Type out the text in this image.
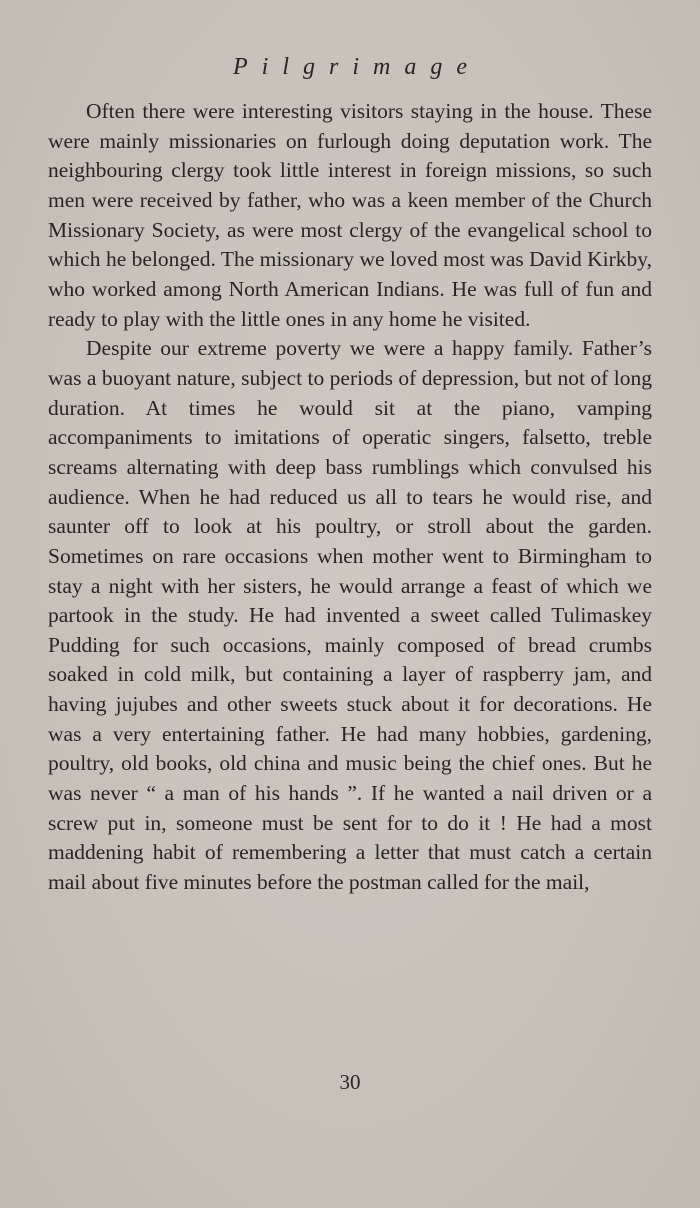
Pilgrimage

Often there were interesting visitors staying in the house. These were mainly missionaries on furlough doing deputation work. The neighbouring clergy took little interest in foreign missions, so such men were received by father, who was a keen member of the Church Missionary Society, as were most clergy of the evangelical school to which he belonged. The missionary we loved most was David Kirkby, who worked among North American Indians. He was full of fun and ready to play with the little ones in any home he visited.

Despite our extreme poverty we were a happy family. Father’s was a buoyant nature, subject to periods of depression, but not of long duration. At times he would sit at the piano, vamping accompaniments to imitations of operatic singers, falsetto, treble screams alternating with deep bass rumblings which convulsed his audience. When he had reduced us all to tears he would rise, and saunter off to look at his poultry, or stroll about the garden. Sometimes on rare occasions when mother went to Birmingham to stay a night with her sisters, he would arrange a feast of which we partook in the study. He had invented a sweet called Tulimaskey Pudding for such occasions, mainly composed of bread crumbs soaked in cold milk, but containing a layer of raspberry jam, and having jujubes and other sweets stuck about it for decorations. He was a very entertaining father. He had many hobbies, gardening, poultry, old books, old china and music being the chief ones. But he was never “ a man of his hands ”. If he wanted a nail driven or a screw put in, someone must be sent for to do it ! He had a most maddening habit of remembering a letter that must catch a certain mail about five minutes before the postman called for the mail,

30
